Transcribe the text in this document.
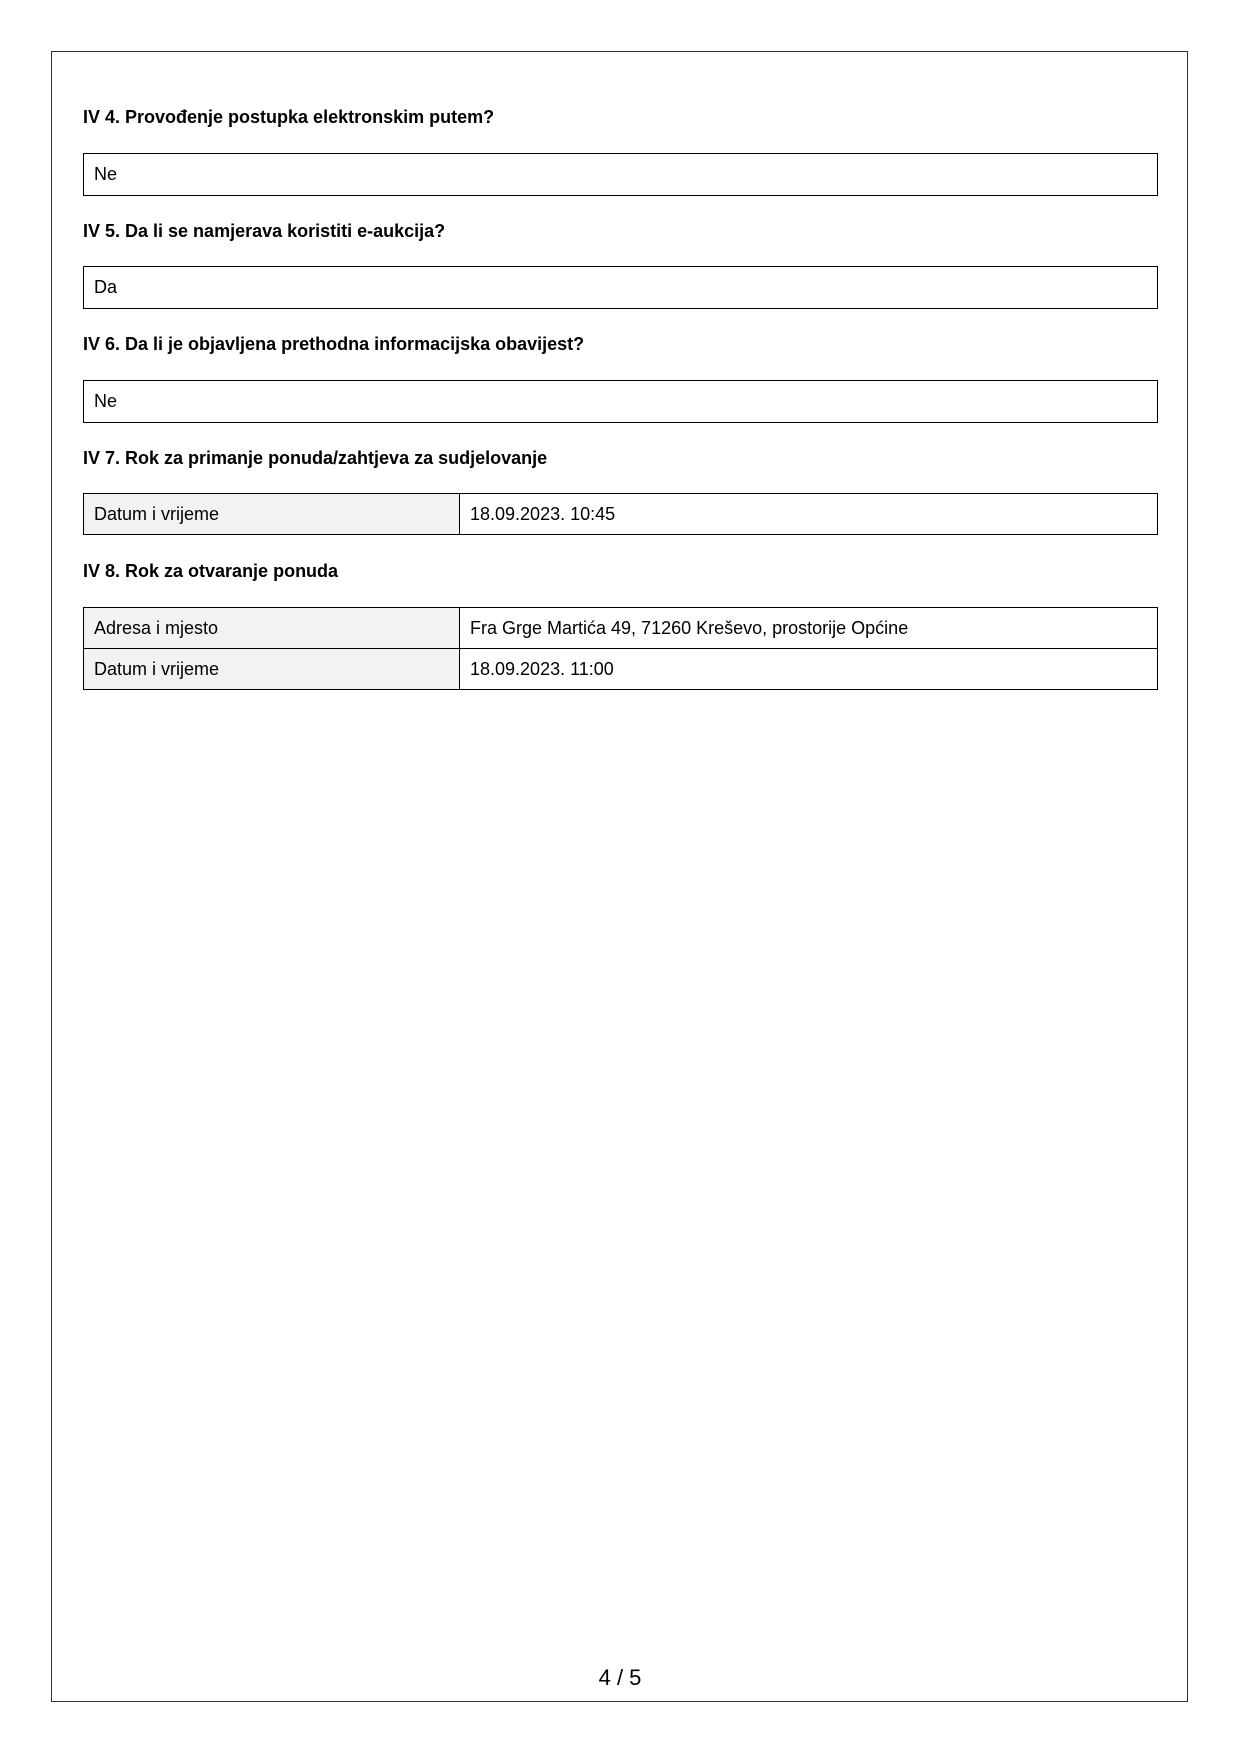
IV 4. Provođenje postupka elektronskim putem?
Ne
IV 5. Da li se namjerava koristiti e-aukcija?
Da
IV 6. Da li je objavljena prethodna informacijska obavijest?
Ne
IV 7. Rok za primanje ponuda/zahtjeva za sudjelovanje
Datum i vrijeme	18.09.2023. 10:45
IV 8. Rok za otvaranje ponuda
Adresa i mjesto	Fra Grge Martića 49, 71260 Kreševo, prostorije Općine
Datum i vrijeme	18.09.2023. 11:00
4 / 5
